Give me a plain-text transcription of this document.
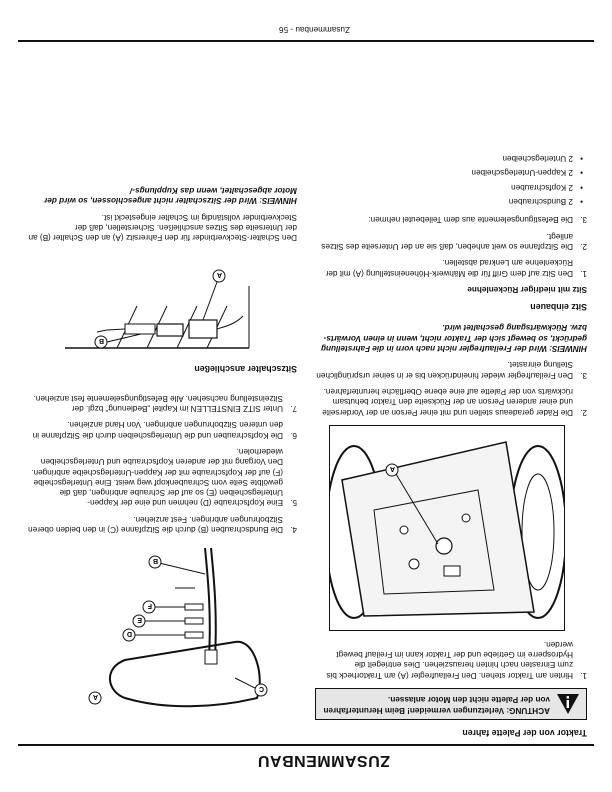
ZUSAMMENBAU

Traktor von der Palette fahren

ACHTUNG: Verletzungen vermeiden! Beim Herunterfahren von der Palette nicht den Motor anlassen.
1.

Hinten am Traktor stehen. Den Freilaufregler (A) am Traktorheck bis zum Einrasten nach hinten herausziehen. Dies entriegelt die Hydrosperre im Getriebe und der Traktor kann im Freilauf bewegt werden.

A
2.

Die Räder geradeaus stellen und mit einer Person an der Vorderseite und einer anderen Person an der Rückseite den Traktor behutsam rückwärts von der Palette auf eine ebene Oberfläche herunterfahren.

3.

Den Freilaufregler wieder hineindrücken bis er in seiner ursprünglichen Stellung einrastet.

HINWEIS: Wird der Freilaufregler nicht nach vorn in die Fahrstellung gedrückt, so bewegt sich der Traktor nicht, wenn in einen Vorwärts- bzw. Rückwärtsgang geschaltet wird.

Sitz einbauen

Sitz mit niedriger Rückenlehne

1.

Den Sitz auf dem Griff für die Mähwerk-Höheneinstellung (A) mit der Rückenlehne am Lenkrad abstellen.

2.

Die Sitzpfanne so weit anheben, daß sie an der Unterseite des Sitzes anliegt.

3.

Die Befestigungselemente aus dem Teilebeutel nehmen:

• 2 Bundschrauben
• 2 Kopfschrauben
• 2 Kappen-Unterlegscheiben
• 2 Unterlegscheiben
A
B
C
D
E
F
4.

Die Bundschrauben (B) durch die Sitzpfanne (C) in den beiden oberen Sitzbohrungen anbringen. Fest anziehen.

5.

Eine Kopfschraube (D) nehmen und eine der Kappen-Unterlegscheiben (E) so auf der Schraube anbringen, daß die gewölbte Seite vom Schraubenkopf weg weist. Eine Unterlegscheibe (F) auf der Kopfschraube mit der Kappen-Unterlegscheibe anbringen. Den Vorgang mit der anderen Kopfschraube und Unterlegscheiben wiederholen.

6.

Die Kopfschrauben und die Unterlegscheiben durch die Sitzpfanne in den unteren Sitzbohrungen anbringen. Von Hand anziehen.

7.

Unter SITZ EINSTELLEN im Kapitel „Bedienung“ bzgl. der Sitzeinstellung nachsehen. Alle Befestigungselemente fest anziehen.

Sitzschalter anschließen

A
B

Den Schalter-Steckverbinder für den Fahrersitz (A) an den Schalter (B) an der Unterseite des Sitzes anschließen. Sicherstellen, daß der Steckverbinder vollständig im Schalter eingesteckt ist.

HINWEIS: Wird der Sitzschalter nicht angeschlossen, so wird der Motor abgeschaltet, wenn das Kupplungs-/

Zusammenbau - 56
